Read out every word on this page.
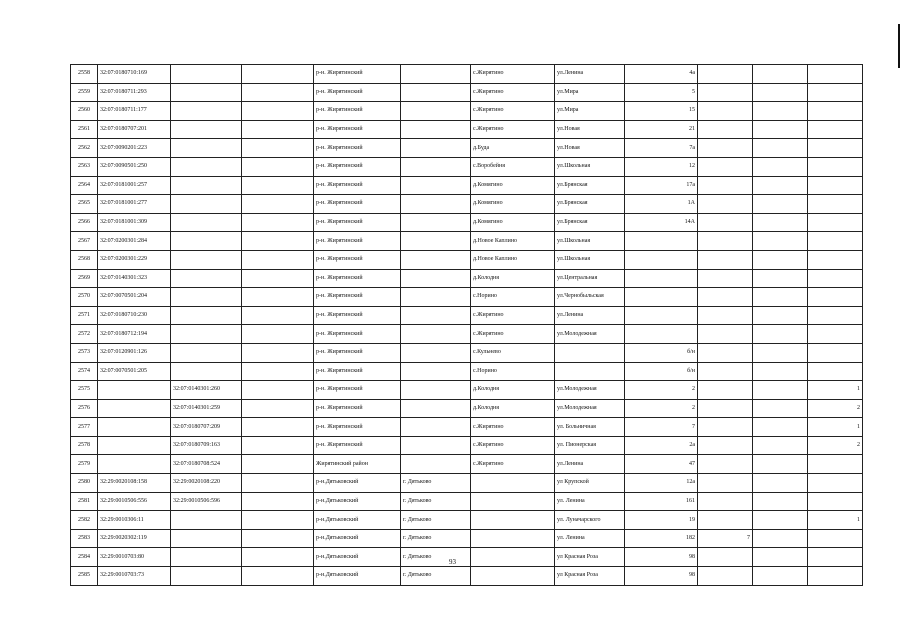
2558	32:07:0180710:169			р-н. Жирятинский		с.Жирятино	ул.Ленина	4а			
2559	32:07:0180711:293			р-н. Жирятинский		с.Жирятино	ул.Мира	5			
2560	32:07:0180711:177			р-н. Жирятинский		с.Жирятино	ул.Мира	15			
2561	32:07:0180707:201			р-н. Жирятинский		с.Жирятино	ул.Новая	21			
2562	32:07:0090201:223			р-н. Жирятинский		д.Буда	ул.Новая	7а			
2563	32:07:0090501:250			р-н. Жирятинский		с.Воробейня	ул.Школьная	12			
2564	32:07:0181001:257			р-н. Жирятинский		д.Комягино	ул.Брянская	17а			
2565	32:07:0181001:277			р-н. Жирятинский		д.Комягино	ул.Брянская	1А			
2566	32:07:0181001:309			р-н. Жирятинский		д.Комягино	ул.Брянская	14А			
2567	32:07:0200301:284			р-н. Жирятинский		д.Новое Каплино	ул.Школьная				
2568	32:07:0200301:229			р-н. Жирятинский		д.Новое Каплино	ул.Школьная				
2569	32:07:0140301:323			р-н. Жирятинский		д.Колодня	ул.Центральная				
2570	32:07:0070501:204			р-н. Жирятинский		с.Норино	ул.Чернобыльская				
2571	32:07:0180710:230			р-н. Жирятинский		с.Жирятино	ул.Ленина				
2572	32:07:0180712:194			р-н. Жирятинский		с.Жирятино	ул.Молодежная				
2573	32:07:0120901:126			р-н. Жирятинский		с.Кульнево		б/н			
2574	32:07:0070501:205			р-н. Жирятинский		с.Норино		б/н			
2575		32:07:0140301:260		р-н. Жирятинский		д.Колодня	ул.Молодежная	2			1
2576		32:07:0140301:259		р-н. Жирятинский		д.Колодня	ул.Молодежная	2			2
2577		32:07:0180707:209		р-н. Жирятинский		с.Жирятино	ул. Больничная	7			1
2578		32:07:0180709:163		р-н. Жирятинский		с.Жирятино	ул. Пионерская	2а			2
2579		32:07:0180708:524		Жирятинский район		с.Жирятино	ул.Ленина	47			
2580	32:29:0020108:158	32:29:0020108:220		р-н.Дятьковский	г. Дятьково		ул Крупской	12а			
2581	32:29:0010506:556	32:29:0010506:596		р-н.Дятьковский	г. Дятьково		ул. Ленина	161			
2582	32:29:0010306:11			р-н.Дятьковский	г. Дятьково		ул. Луначарского	19			1
2583	32:29:0020302:119			р-н.Дятьковский	г. Дятьково		ул. Ленина	182	7		
2584	32:29:0010703:80			р-н.Дятьковский	г. Дятьково		ул Красная Роза	98			
2585	32:29:0010703:73			р-н.Дятьковский	г. Дятьково		ул Красная Роза	98			
93
